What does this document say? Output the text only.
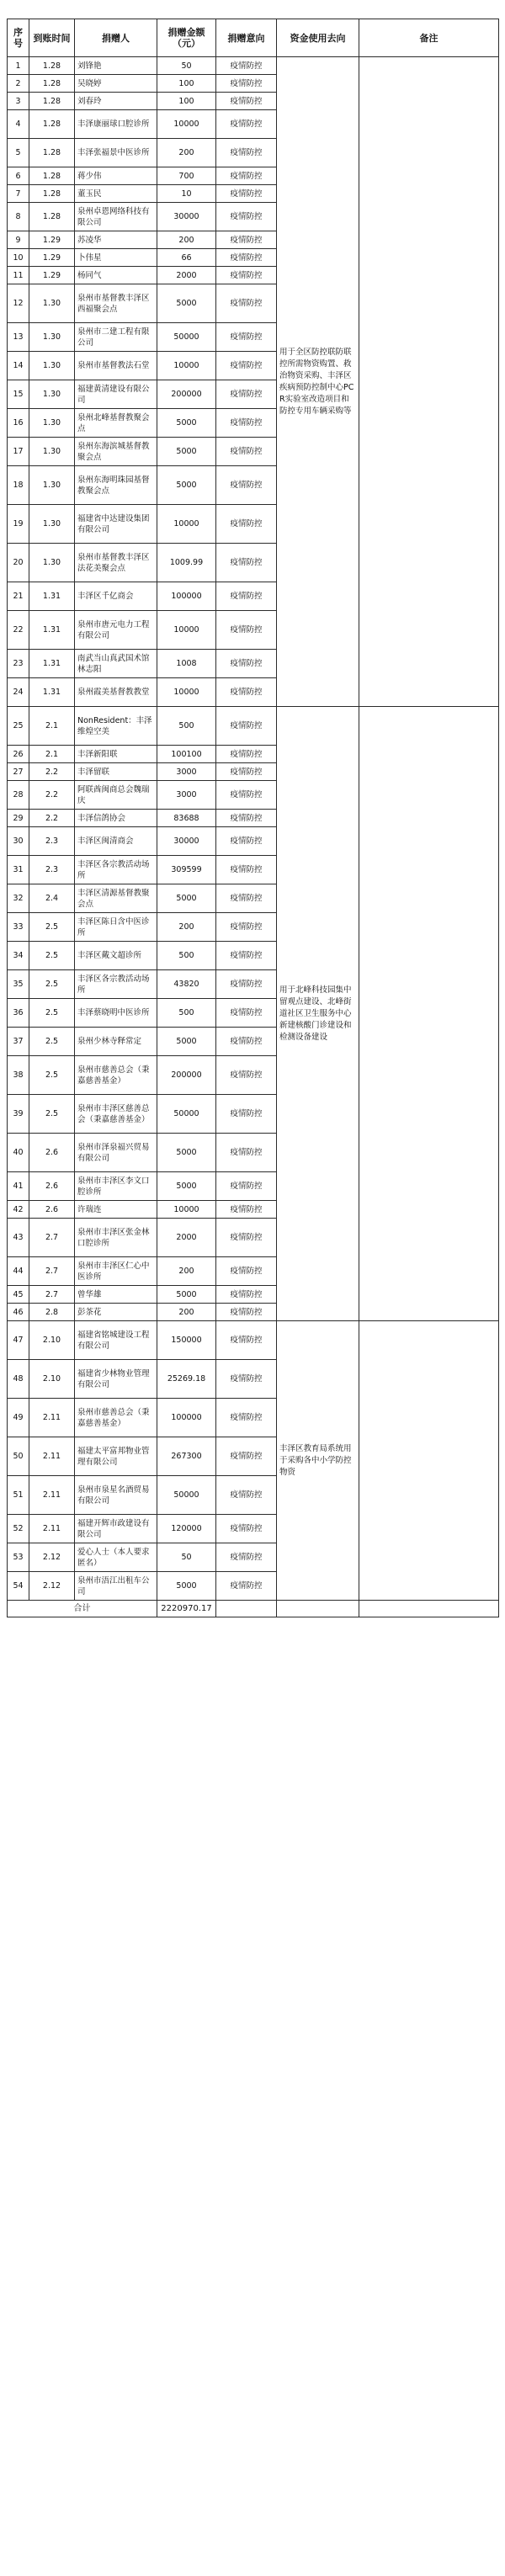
序号	到账时间	捐赠人	捐赠金额（元）	捐赠意向	资金使用去向	备注
1	1.28	刘锋艳	50	疫情防控	用于全区防控联防联控所需物资购置、救治物资采购、丰泽区疾病预防控制中心PCR实验室改造项目和防控专用车辆采购等	
2	1.28	吴晓婷	100	疫情防控		
3	1.28	刘春玲	100	疫情防控		
4	1.28	丰泽康丽球口腔诊所	10000	疫情防控		
5	1.28	丰泽张福景中医诊所	200	疫情防控		
6	1.28	蒋少伟	700	疫情防控		
7	1.28	董玉民	10	疫情防控		
8	1.28	泉州卓恩网络科技有限公司	30000	疫情防控		
9	1.29	苏凌华	200	疫情防控		
10	1.29	卜伟星	66	疫情防控		
11	1.29	杨同气	2000	疫情防控		
12	1.30	泉州市基督教丰泽区西福聚会点	5000	疫情防控		
13	1.30	泉州市二建工程有限公司	50000	疫情防控		
14	1.30	泉州市基督教法石堂	10000	疫情防控		
15	1.30	福建黄清建设有限公司	200000	疫情防控		
16	1.30	泉州北峰基督教聚会点	5000	疫情防控		
17	1.30	泉州东海滨城基督教聚会点	5000	疫情防控		
18	1.30	泉州东海明珠园基督教聚会点	5000	疫情防控		
19	1.30	福建省中达建设集团有限公司	10000	疫情防控		
20	1.30	泉州市基督教丰泽区法花美聚会点	1009.99	疫情防控		
21	1.31	丰泽区千亿商会	100000	疫情防控		
22	1.31	泉州市唐元电力工程有限公司	10000	疫情防控		
23	1.31	南武当山真武国术馆林志阳	1008	疫情防控		
24	1.31	泉州霞美基督教教堂	10000	疫情防控		
25	2.1	NonResident：丰泽维煌空美	500	疫情防控	用于北峰科技园集中留观点建设、北峰街道社区卫生服务中心新建核酸门诊建设和检测设备建设	
26	2.1	丰泽新阳联	100100	疫情防控		
27	2.2	丰泽留联	3000	疫情防控		
28	2.2	阿联酋闽商总会魏瑞庆	3000	疫情防控		
29	2.2	丰泽信鸽协会	83688	疫情防控		
30	2.3	丰泽区闽清商会	30000	疫情防控		
31	2.3	丰泽区各宗教活动场所	309599	疫情防控		
32	2.4	丰泽区清源基督教聚会点	5000	疫情防控		
33	2.5	丰泽区陈日含中医诊所	200	疫情防控		
34	2.5	丰泽区戴文超诊所	500	疫情防控		
35	2.5	丰泽区各宗教活动场所	43820	疫情防控		
36	2.5	丰泽蔡晓明中医诊所	500	疫情防控		
37	2.5	泉州少林寺释常定	5000	疫情防控		
38	2.5	泉州市慈善总会（秉嘉慈善基金）	200000	疫情防控		
39	2.5	泉州市丰泽区慈善总会（秉嘉慈善基金）	50000	疫情防控		
40	2.6	泉州市泽泉福兴贸易有限公司	5000	疫情防控		
41	2.6	泉州市丰泽区李文口腔诊所	5000	疫情防控		
42	2.6	许瑞连	10000	疫情防控		
43	2.7	泉州市丰泽区张金林口腔诊所	2000	疫情防控		
44	2.7	泉州市丰泽区仁心中医诊所	200	疫情防控		
45	2.7	曾华雄	5000	疫情防控		
46	2.8	彭茶花	200	疫情防控		
47	2.10	福建省铭城建设工程有限公司	150000	疫情防控	丰泽区教育局系统用于采购各中小学防控物资	
48	2.10	福建省少林物业管理有限公司	25269.18	疫情防控		
49	2.11	泉州市慈善总会（秉嘉慈善基金）	100000	疫情防控		
50	2.11	福建太平富邦物业管理有限公司	267300	疫情防控		
51	2.11	泉州市泉星名酒贸易有限公司	50000	疫情防控		
52	2.11	福建开辉市政建设有限公司	120000	疫情防控		
53	2.12	爱心人士（本人要求匿名）	50	疫情防控		
54	2.12	泉州市浯江出租车公司	5000	疫情防控		
合计			2220970.17			
